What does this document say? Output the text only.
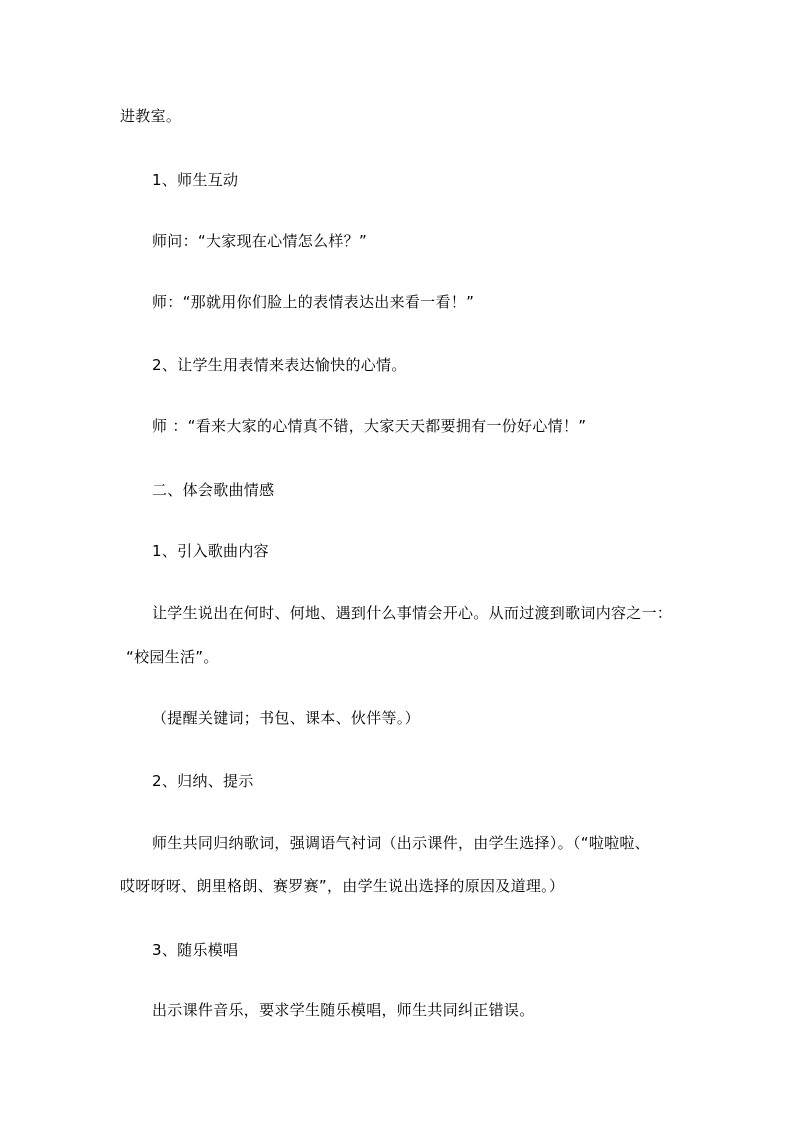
进教室。
1、师生互动
师问：“大家现在心情怎么样？”
师：“那就用你们脸上的表情表达出来看一看！”
2、让学生用表情来表达愉快的心情。
师 ：“看来大家的心情真不错，大家天天都要拥有一份好心情！”
二、体会歌曲情感
1、引入歌曲内容
让学生说出在何时、何地、遇到什么事情会开心。从而过渡到歌词内容之一：
“校园生活”。
（提醒关键词；书包、课本、伙伴等。）
2、归纳、提示
师生共同归纳歌词，强调语气衬词（出示课件，由学生选择）。（“啦啦啦、
哎呀呀呀、朗里格朗、赛罗赛”，由学生说出选择的原因及道理。）
3、随乐模唱
出示课件音乐，要求学生随乐模唱，师生共同纠正错误。
